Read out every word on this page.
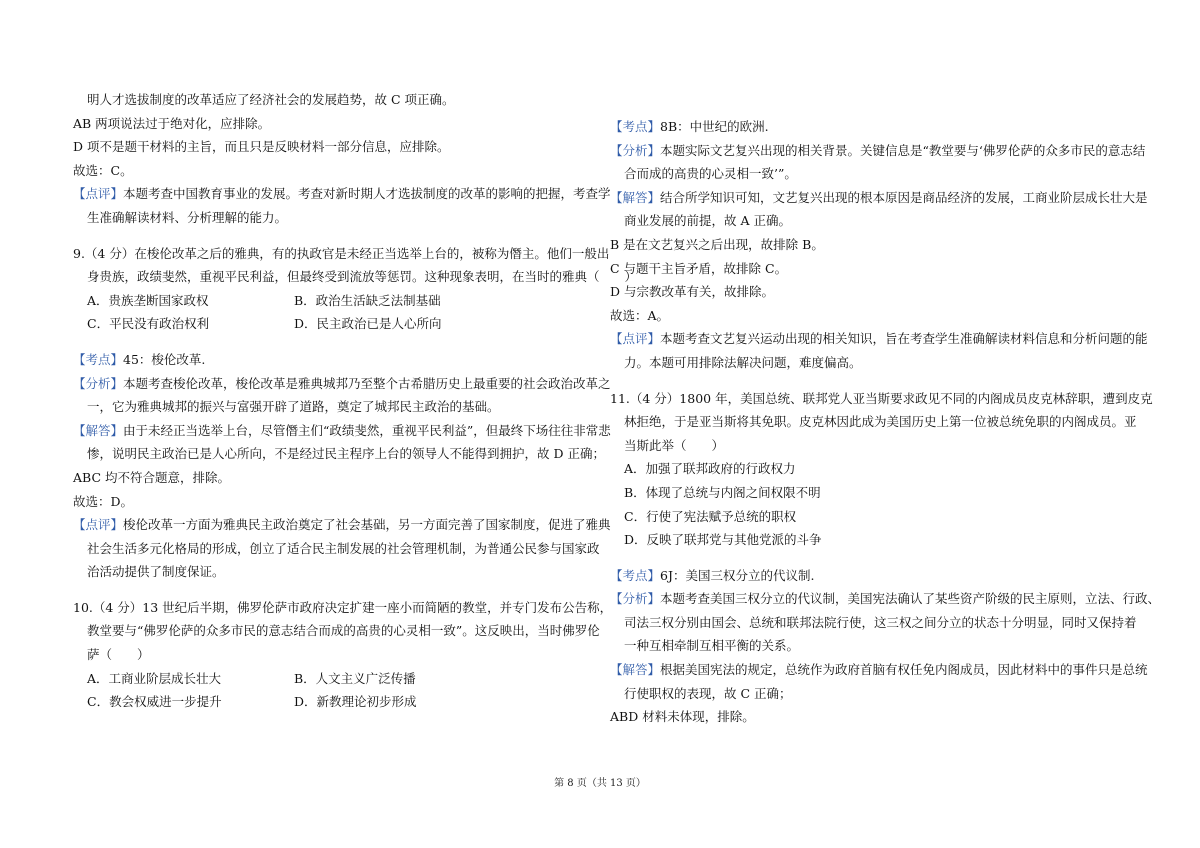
明人才选拔制度的改革适应了经济社会的发展趋势，故 C 项正确。
AB 两项说法过于绝对化，应排除。
D 项不是题干材料的主旨，而且只是反映材料一部分信息，应排除。
故选：C。
【点评】本题考查中国教育事业的发展。考查对新时期人才选拔制度的改革的影响的把握，考查学
生准确解读材料、分析理解的能力。
9.（4 分）在梭伦改革之后的雅典，有的执政官是未经正当选举上台的，被称为僭主。他们一般出
身贵族，政绩斐然，重视平民利益，但最终受到流放等惩罚。这种现象表明，在当时的雅典（　　）
A．贵族垄断国家政权	B．政治生活缺乏法制基础
C．平民没有政治权利	D．民主政治已是人心所向
【考点】45：梭伦改革.
【分析】本题考查梭伦改革，梭伦改革是雅典城邦乃至整个古希腊历史上最重要的社会政治改革之
一，它为雅典城邦的振兴与富强开辟了道路，奠定了城邦民主政治的基础。
【解答】由于未经正当选举上台，尽管僭主们“政绩斐然，重视平民利益”，但最终下场往往非常悲
惨，说明民主政治已是人心所向，不是经过民主程序上台的领导人不能得到拥护，故 D 正确；
ABC 均不符合题意，排除。
故选：D。
【点评】梭伦改革一方面为雅典民主政治奠定了社会基础，另一方面完善了国家制度，促进了雅典
社会生活多元化格局的形成，创立了适合民主制发展的社会管理机制，为普通公民参与国家政
治活动提供了制度保证。
10.（4 分）13 世纪后半期，佛罗伦萨市政府决定扩建一座小而简陋的教堂，并专门发布公告称，
教堂要与“佛罗伦萨的众多市民的意志结合而成的高贵的心灵相一致”。这反映出，当时佛罗伦
萨（　　）
A．工商业阶层成长壮大	B．人文主义广泛传播
C．教会权威进一步提升	D．新教理论初步形成
【考点】8B：中世纪的欧洲.
【分析】本题实际文艺复兴出现的相关背景。关键信息是“教堂要与‘佛罗伦萨的众多市民的意志结
合而成的高贵的心灵相一致’”。
【解答】结合所学知识可知，文艺复兴出现的根本原因是商品经济的发展，工商业阶层成长壮大是
商业发展的前提，故 A 正确。
B 是在文艺复兴之后出现，故排除 B。
C 与题干主旨矛盾，故排除 C。
D 与宗教改革有关，故排除。
故选：A。
【点评】本题考查文艺复兴运动出现的相关知识，旨在考查学生准确解读材料信息和分析问题的能
力。本题可用排除法解决问题，难度偏高。
11.（4 分）1800 年，美国总统、联邦党人亚当斯要求政见不同的内阁成员皮克林辞职，遭到皮克
林拒绝，于是亚当斯将其免职。皮克林因此成为美国历史上第一位被总统免职的内阁成员。亚
当斯此举（　　）
A．加强了联邦政府的行政权力
B．体现了总统与内阁之间权限不明
C．行使了宪法赋予总统的职权
D．反映了联邦党与其他党派的斗争
【考点】6J：美国三权分立的代议制.
【分析】本题考查美国三权分立的代议制，美国宪法确认了某些资产阶级的民主原则，立法、行政、
司法三权分别由国会、总统和联邦法院行使，这三权之间分立的状态十分明显，同时又保持着
一种互相牵制互相平衡的关系。
【解答】根据美国宪法的规定，总统作为政府首脑有权任免内阁成员，因此材料中的事件只是总统
行使职权的表现，故 C 正确；
ABD 材料未体现，排除。
第 8 页（共 13 页）
